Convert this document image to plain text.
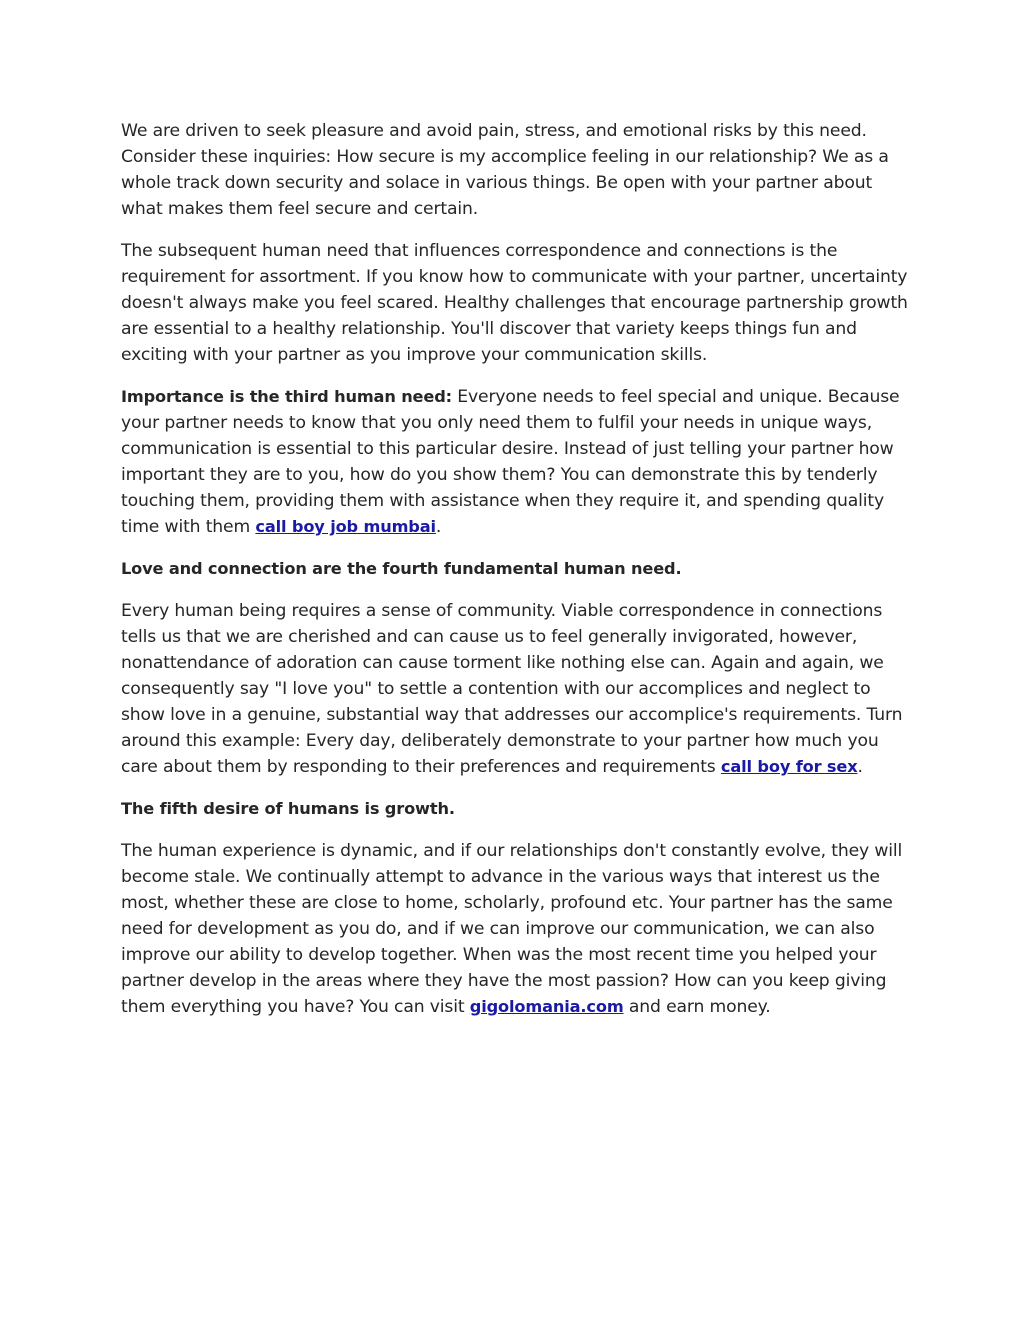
We are driven to seek pleasure and avoid pain, stress, and emotional risks by this need. Consider these inquiries: How secure is my accomplice feeling in our relationship? We as a whole track down security and solace in various things. Be open with your partner about what makes them feel secure and certain.

The subsequent human need that influences correspondence and connections is the requirement for assortment. If you know how to communicate with your partner, uncertainty doesn't always make you feel scared. Healthy challenges that encourage partnership growth are essential to a healthy relationship. You'll discover that variety keeps things fun and exciting with your partner as you improve your communication skills.

Importance is the third human need: Everyone needs to feel special and unique. Because your partner needs to know that you only need them to fulfil your needs in unique ways, communication is essential to this particular desire. Instead of just telling your partner how important they are to you, how do you show them? You can demonstrate this by tenderly touching them, providing them with assistance when they require it, and spending quality time with them call boy job mumbai.

Love and connection are the fourth fundamental human need.

Every human being requires a sense of community. Viable correspondence in connections tells us that we are cherished and can cause us to feel generally invigorated, however, nonattendance of adoration can cause torment like nothing else can. Again and again, we consequently say "I love you" to settle a contention with our accomplices and neglect to show love in a genuine, substantial way that addresses our accomplice's requirements. Turn around this example: Every day, deliberately demonstrate to your partner how much you care about them by responding to their preferences and requirements call boy for sex.

The fifth desire of humans is growth.

The human experience is dynamic, and if our relationships don't constantly evolve, they will become stale. We continually attempt to advance in the various ways that interest us the most, whether these are close to home, scholarly, profound etc. Your partner has the same need for development as you do, and if we can improve our communication, we can also improve our ability to develop together. When was the most recent time you helped your partner develop in the areas where they have the most passion? How can you keep giving them everything you have? You can visit gigolomania.com and earn money.
